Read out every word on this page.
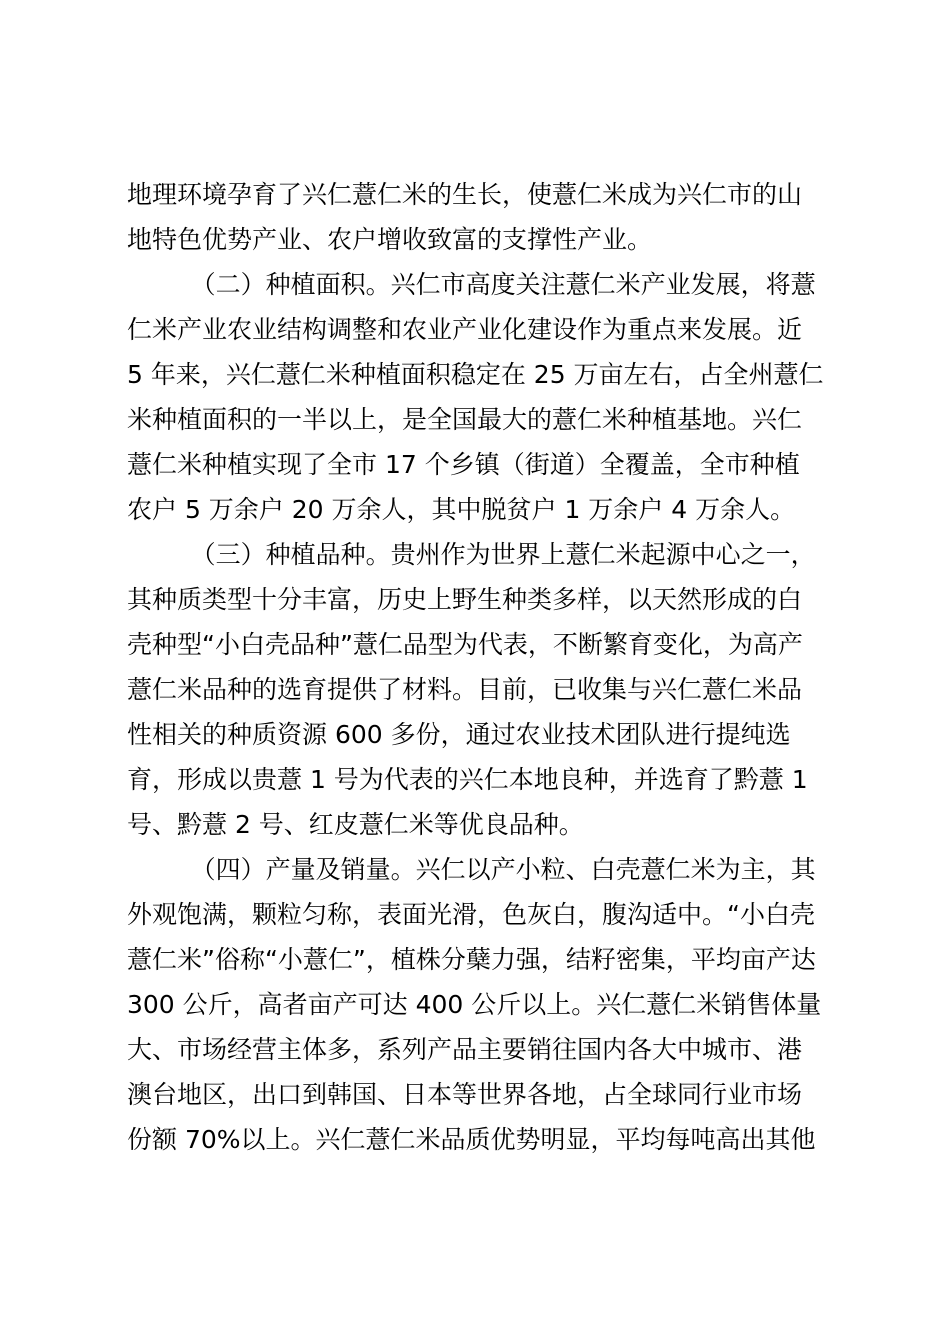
地理环境孕育了兴仁薏仁米的生长，使薏仁米成为兴仁市的山
地特色优势产业、农户增收致富的支撑性产业。
（二）种植面积。兴仁市高度关注薏仁米产业发展，将薏
仁米产业农业结构调整和农业产业化建设作为重点来发展。近
5 年来，兴仁薏仁米种植面积稳定在 25 万亩左右，占全州薏仁
米种植面积的一半以上，是全国最大的薏仁米种植基地。兴仁
薏仁米种植实现了全市 17 个乡镇（街道）全覆盖，全市种植
农户 5 万余户 20 万余人，其中脱贫户 1 万余户 4 万余人。
（三）种植品种。贵州作为世界上薏仁米起源中心之一，
其种质类型十分丰富，历史上野生种类多样，以天然形成的白
壳种型“小白壳品种”薏仁品型为代表，不断繁育变化，为高产
薏仁米品种的选育提供了材料。目前，已收集与兴仁薏仁米品
性相关的种质资源 600 多份，通过农业技术团队进行提纯选
育，形成以贵薏 1 号为代表的兴仁本地良种，并选育了黔薏 1
号、黔薏 2 号、红皮薏仁米等优良品种。
（四）产量及销量。兴仁以产小粒、白壳薏仁米为主，其
外观饱满，颗粒匀称，表面光滑，色灰白，腹沟适中。“小白壳
薏仁米”俗称“小薏仁”，植株分蘖力强，结籽密集，平均亩产达
300 公斤，高者亩产可达 400 公斤以上。兴仁薏仁米销售体量
大、市场经营主体多，系列产品主要销往国内各大中城市、港
澳台地区，出口到韩国、日本等世界各地，占全球同行业市场
份额 70%以上。兴仁薏仁米品质优势明显，平均每吨高出其他
